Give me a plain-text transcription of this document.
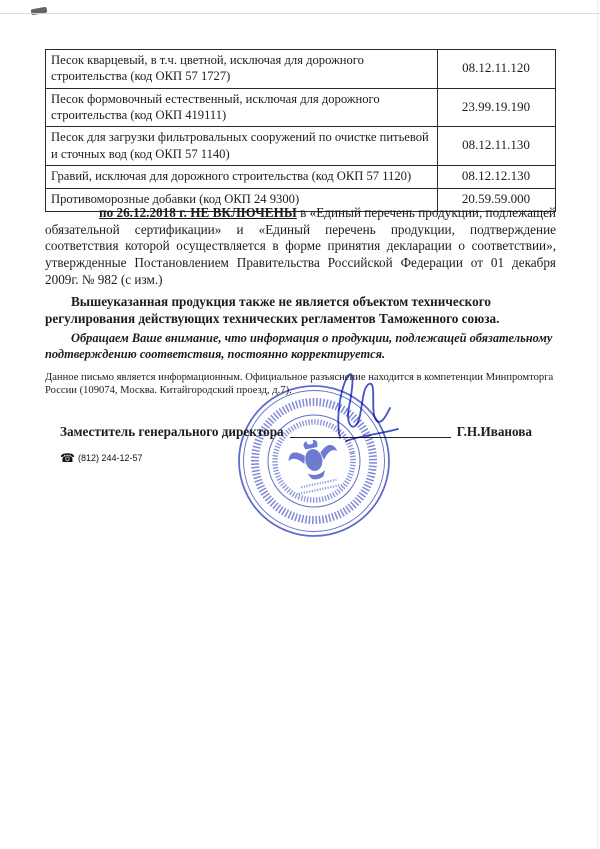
Песок кварцевый, в т.ч. цветной, исключая для дорожного строительства (код ОКП 57 1727)	08.12.11.120
Песок формовочный естественный, исключая для дорожного строительства (код ОКП 419111)	23.99.19.190
Песок для загрузки фильтровальных сооружений по очистке питьевой и сточных вод (код ОКП 57 1140)	08.12.11.130
Гравий, исключая для дорожного строительства (код ОКП 57 1120)	08.12.12.130
Противоморозные добавки (код ОКП 24 9300)	20.59.59.000

по 26.12.2018 г. НЕ ВКЛЮЧЕНЫ в «Единый перечень продукции, подлежащей обязательной сертификации» и «Единый перечень продукции, подтверждение соответствия которой осуществляется в форме принятия декларации о соответствии», утвержденные Постановлением Правительства Российской Федерации от 01 декабря 2009г. № 982 (с изм.)

Вышеуказанная продукция также не является объектом технического регулирования действующих технических регламентов Таможенного союза.

Обращаем Ваше внимание, что информация о продукции, подлежащей обязательному подтверждению соответствия, постоянно корректируется.

Данное письмо является информационным. Официальное разъяснение находится в компетенции Минпромторга России (109074, Москва. Китайгородский проезд, д.7).

Заместитель генерального директора	Г.Н.Иванова
☎ (812) 244-12-57
